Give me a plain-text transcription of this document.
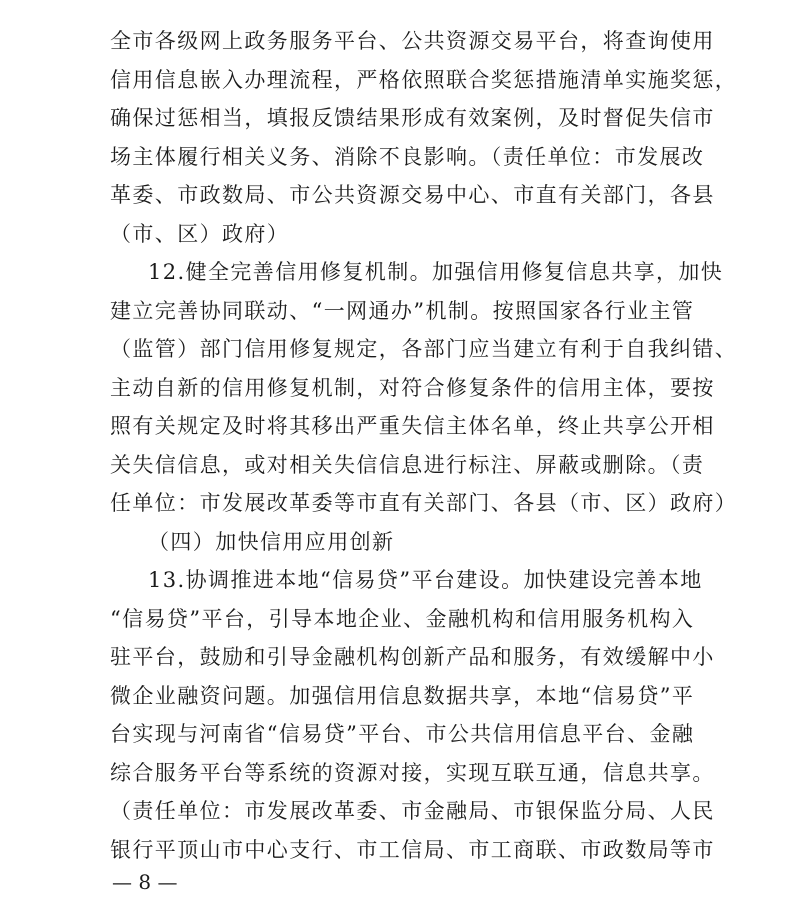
全市各级网上政务服务平台、公共资源交易平台，将查询使用
信用信息嵌入办理流程，严格依照联合奖惩措施清单实施奖惩，
确保过惩相当，填报反馈结果形成有效案例，及时督促失信市
场主体履行相关义务、消除不良影响。（责任单位：市发展改
革委、市政数局、市公共资源交易中心、市直有关部门，各县
（市、区）政府）
12.健全完善信用修复机制。加强信用修复信息共享，加快
建立完善协同联动、“一网通办”机制。按照国家各行业主管
（监管）部门信用修复规定，各部门应当建立有利于自我纠错、
主动自新的信用修复机制，对符合修复条件的信用主体，要按
照有关规定及时将其移出严重失信主体名单，终止共享公开相
关失信信息，或对相关失信信息进行标注、屏蔽或删除。（责
任单位：市发展改革委等市直有关部门、各县（市、区）政府）
（四）加快信用应用创新
13.协调推进本地“信易贷”平台建设。加快建设完善本地
“信易贷”平台，引导本地企业、金融机构和信用服务机构入
驻平台，鼓励和引导金融机构创新产品和服务，有效缓解中小
微企业融资问题。加强信用信息数据共享，本地“信易贷”平
台实现与河南省“信易贷”平台、市公共信用信息平台、金融
综合服务平台等系统的资源对接，实现互联互通，信息共享。
（责任单位：市发展改革委、市金融局、市银保监分局、人民
银行平顶山市中心支行、市工信局、市工商联、市政数局等市
— 8 —
